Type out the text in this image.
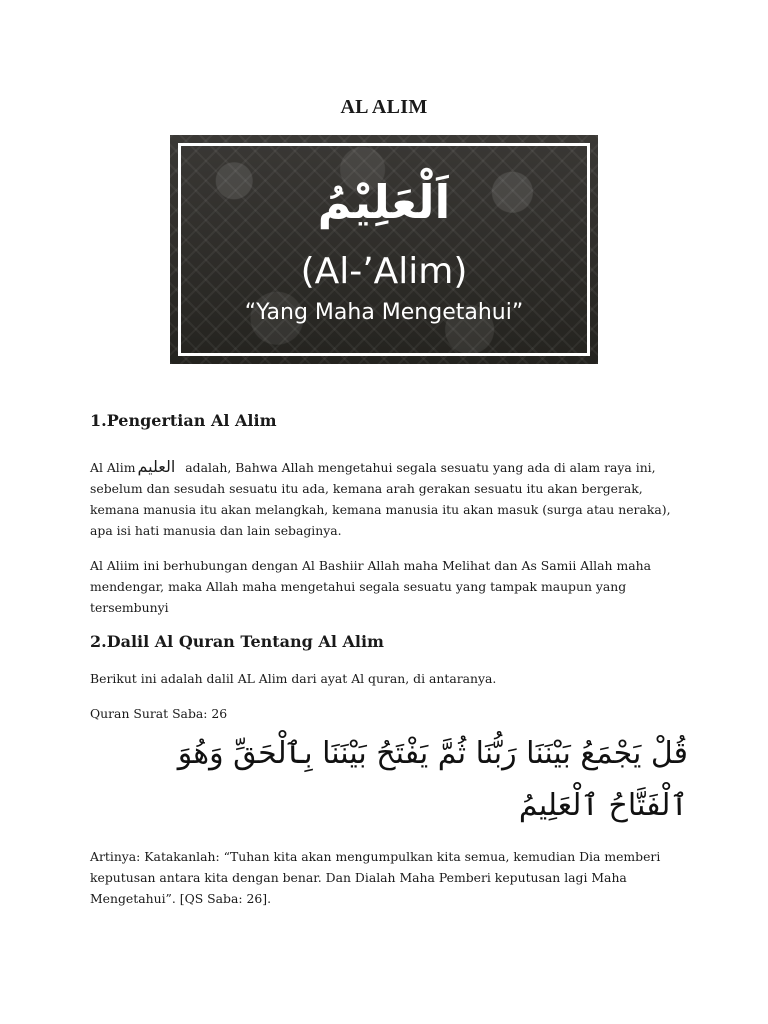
AL ALIM
اَلْعَلِيْمُ
(Al-’Alim)
“Yang Maha Mengetahui”
1.Pengertian Al Alim
Al Alim العليم adalah, Bahwa Allah mengetahui segala sesuatu yang ada di alam raya ini, sebelum dan sesudah sesuatu itu ada, kemana arah gerakan sesuatu itu akan bergerak, kemana manusia itu akan melangkah, kemana manusia itu akan masuk (surga atau neraka), apa isi hati manusia dan lain sebaginya.
Al Aliim ini berhubungan dengan Al Bashiir Allah maha Melihat dan As Samii Allah maha mendengar, maka Allah maha mengetahui segala sesuatu yang tampak maupun yang tersembunyi
2.Dalil Al Quran Tentang Al Alim
Berikut ini adalah dalil AL Alim dari ayat Al quran, di antaranya.
Quran Surat Saba: 26
قُلْ يَجْمَعُ بَيْنَنَا رَبُّنَا ثُمَّ يَفْتَحُ بَيْنَنَا بِٱلْحَقِّ وَهُوَ ٱلْفَتَّاحُ ٱلْعَلِيمُ
Artinya: Katakanlah: “Tuhan kita akan mengumpulkan kita semua, kemudian Dia memberi keputusan antara kita dengan benar. Dan Dialah Maha Pemberi keputusan lagi Maha Mengetahui”. [QS Saba: 26].
